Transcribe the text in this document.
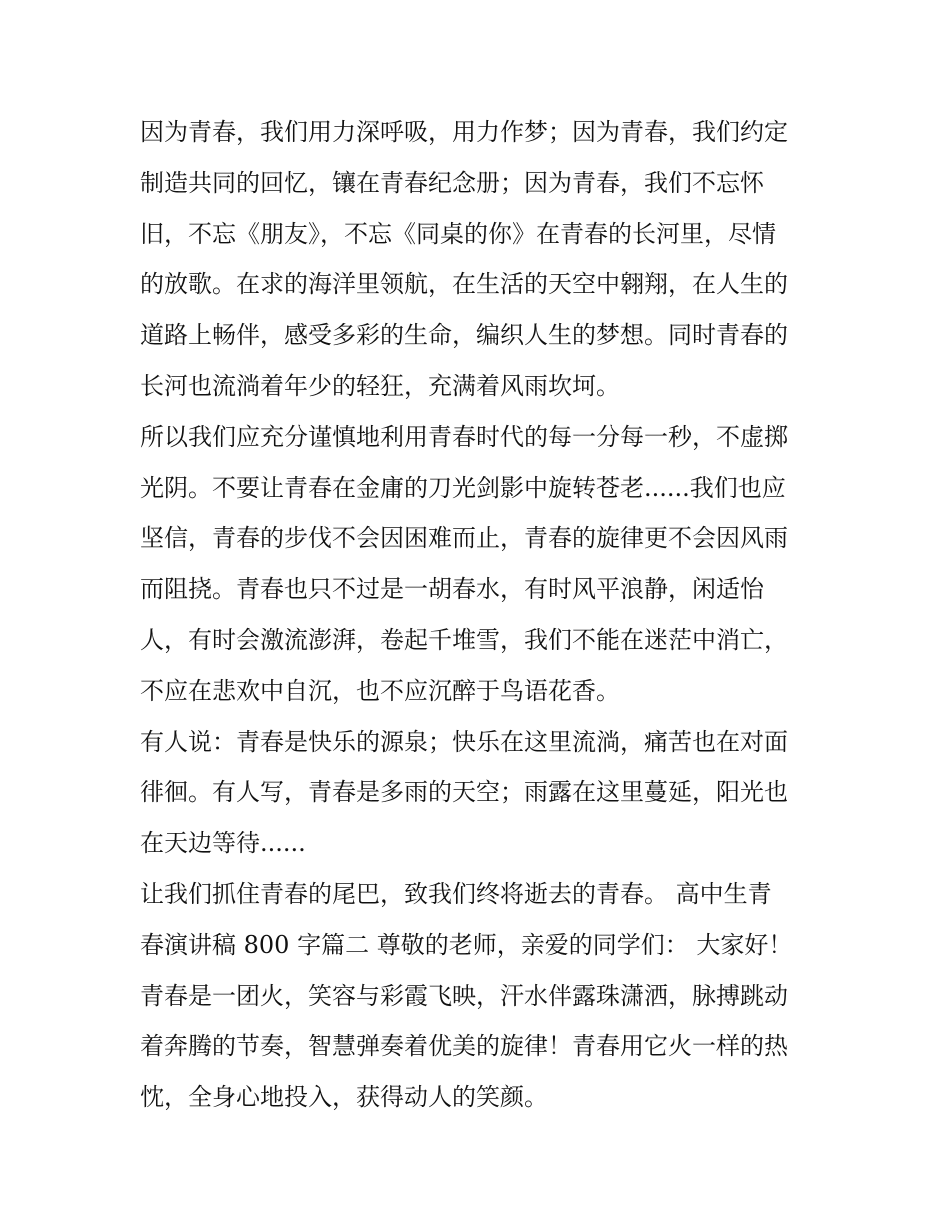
因为青春，我们用力深呼吸，用力作梦；因为青春，我们约定
制造共同的回忆，镶在青春纪念册；因为青春，我们不忘怀
旧，不忘《朋友》，不忘《同桌的你》在青春的长河里，尽情
的放歌。在求的海洋里领航，在生活的天空中翱翔，在人生的
道路上畅伴，感受多彩的生命，编织人生的梦想。同时青春的
长河也流淌着年少的轻狂，充满着风雨坎坷。
所以我们应充分谨慎地利用青春时代的每一分每一秒，不虚掷
光阴。不要让青春在金庸的刀光剑影中旋转苍老......我们也应
坚信，青春的步伐不会因困难而止，青春的旋律更不会因风雨
而阻挠。青春也只不过是一胡春水，有时风平浪静，闲适怡
人，有时会激流澎湃，卷起千堆雪，我们不能在迷茫中消亡，
不应在悲欢中自沉，也不应沉醉于鸟语花香。
有人说：青春是快乐的源泉；快乐在这里流淌，痛苦也在对面
徘徊。有人写，青春是多雨的天空；雨露在这里蔓延，阳光也
在天边等待......
让我们抓住青春的尾巴，致我们终将逝去的青春。 高中生青
春演讲稿 800 字篇二 尊敬的老师，亲爱的同学们： 大家好！
青春是一团火，笑容与彩霞飞映，汗水伴露珠潇洒，脉搏跳动
着奔腾的节奏，智慧弹奏着优美的旋律！青春用它火一样的热
忱，全身心地投入，获得动人的笑颜。
